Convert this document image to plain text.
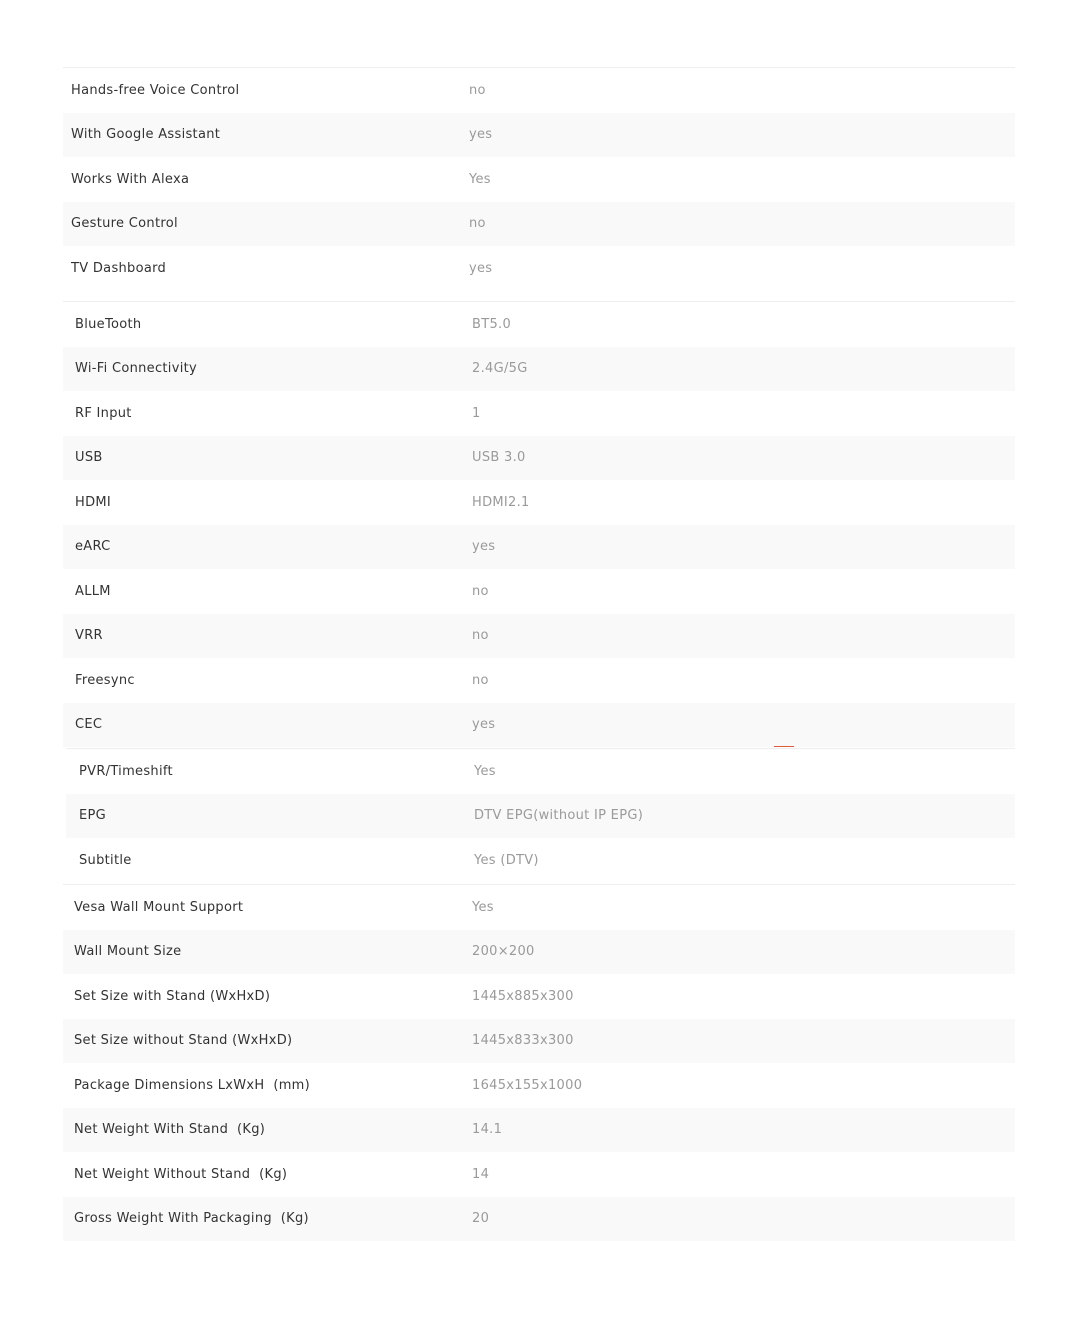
Hands-free Voice Control	no
With Google Assistant	yes
Works With Alexa	Yes
Gesture Control	no
TV Dashboard	yes
BlueTooth	BT5.0
Wi-Fi Connectivity	2.4G/5G
RF Input	1
USB	USB 3.0
HDMI	HDMI2.1
eARC	yes
ALLM	no
VRR	no
Freesync	no
CEC	yes
PVR/Timeshift	Yes
EPG	DTV EPG(without IP EPG)
Subtitle	Yes (DTV)
Vesa Wall Mount Support	Yes
Wall Mount Size	200×200
Set Size with Stand (WxHxD)	1445x885x300
Set Size without Stand (WxHxD)	1445x833x300
Package Dimensions LxWxH  (mm)	1645x155x1000
Net Weight With Stand  (Kg)	14.1
Net Weight Without Stand  (Kg)	14
Gross Weight With Packaging  (Kg)	20
